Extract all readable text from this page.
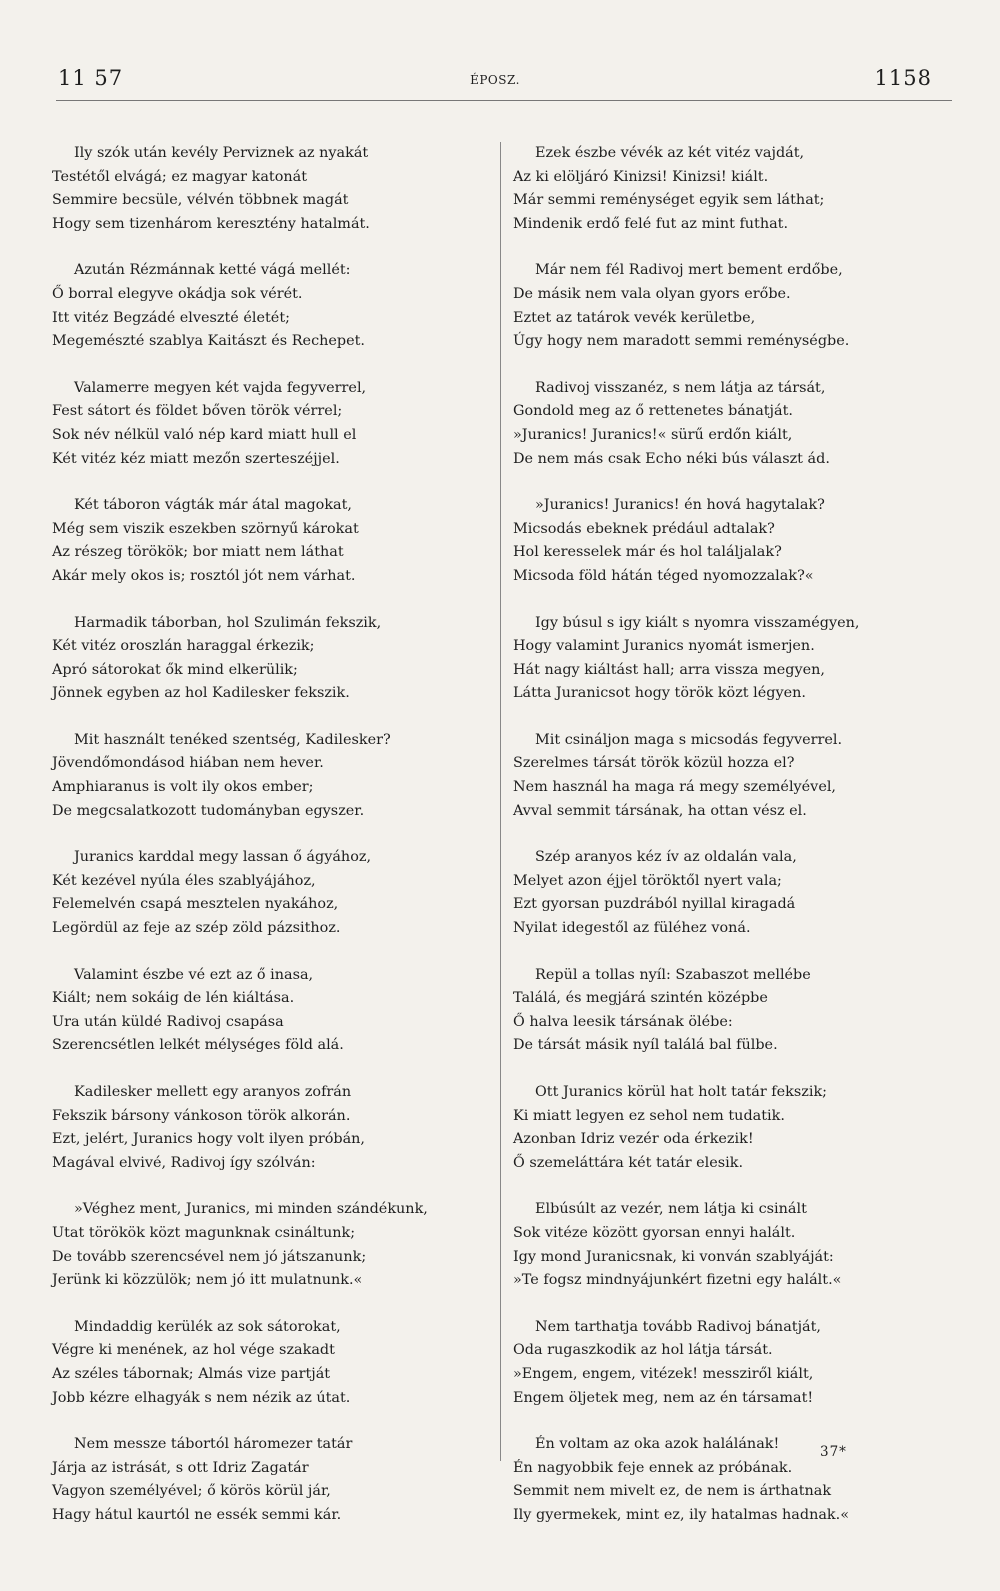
11 57	ÉPOSZ.	1158
Ily szók után kevély Perviznek az nyakát
Testétől elvágá; ez magyar katonát
Semmire becsüle, vélvén többnek magát
Hogy sem tizenhárom keresztény hatalmát.
Azután Rézmánnak ketté vágá mellét:
Ő borral elegyve okádja sok vérét.
Itt vitéz Begzádé elveszté életét;
Megemészté szablya Kaitászt és Rechepet.
Valamerre megyen két vajda fegyverrel,
Fest sátort és földet bőven török vérrel;
Sok név nélkül való nép kard miatt hull el
Két vitéz kéz miatt mezőn szerteszéjjel.
Két táboron vágták már átal magokat,
Még sem viszik eszekben szörnyű károkat
Az részeg törökök; bor miatt nem láthat
Akár mely okos is; rosztól jót nem várhat.
Harmadik táborban, hol Szulimán fekszik,
Két vitéz oroszlán haraggal érkezik;
Apró sátorokat ők mind elkerülik;
Jönnek egyben az hol Kadilesker fekszik.
Mit használt tenéked szentség, Kadilesker?
Jövendőmondásod hiában nem hever.
Amphiaranus is volt ily okos ember;
De megcsalatkozott tudományban egyszer.
Juranics karddal megy lassan ő ágyához,
Két kezével nyúla éles szablyájához,
Felemelvén csapá mesztelen nyakához,
Legördül az feje az szép zöld pázsithoz.
Valamint észbe vé ezt az ő inasa,
Kiált; nem sokáig de lén kiáltása.
Ura után küldé Radivoj csapása
Szerencsétlen lelkét mélységes föld alá.
Kadilesker mellett egy aranyos zofrán
Fekszik bársony vánkoson török alkorán.
Ezt, jelért, Juranics hogy volt ilyen próbán,
Magával elvivé, Radivoj így szólván:
»Véghez ment, Juranics, mi minden szándékunk,
Utat törökök közt magunknak csináltunk;
De tovább szerencsével nem jó játszanunk;
Jerünk ki közzülök; nem jó itt mulatnunk.«
Mindaddig kerülék az sok sátorokat,
Végre ki menének, az hol vége szakadt
Az széles tábornak; Almás vize partját
Jobb kézre elhagyák s nem nézik az útat.
Nem messze tábortól háromezer tatár
Járja az istrását, s ott Idriz Zagatár
Vagyon személyével; ő körös körül jár,
Hagy hátul kaurtól ne essék semmi kár.
Ezek észbe vévék az két vitéz vajdát,
Az ki elöljáró Kinizsi! Kinizsi! kiált.
Már semmi reménységet egyik sem láthat;
Mindenik erdő felé fut az mint futhat.
Már nem fél Radivoj mert bement erdőbe,
De másik nem vala olyan gyors erőbe.
Eztet az tatárok vevék kerületbe,
Úgy hogy nem maradott semmi reménységbe.
Radivoj visszanéz, s nem látja az társát,
Gondold meg az ő rettenetes bánatját.
»Juranics! Juranics!« sürű erdőn kiált,
De nem más csak Echo néki bús választ ád.
»Juranics! Juranics! én hová hagytalak?
Micsodás ebeknek prédául adtalak?
Hol keresselek már és hol találjalak?
Micsoda föld hátán téged nyomozzalak?«
Igy búsul s igy kiált s nyomra visszamégyen,
Hogy valamint Juranics nyomát ismerjen.
Hát nagy kiáltást hall; arra vissza megyen,
Látta Juranicsot hogy török közt légyen.
Mit csináljon maga s micsodás fegyverrel.
Szerelmes társát török közül hozza el?
Nem használ ha maga rá megy személyével,
Avval semmit társának, ha ottan vész el.
Szép aranyos kéz ív az oldalán vala,
Melyet azon éjjel töröktől nyert vala;
Ezt gyorsan puzdrából nyillal kiragadá
Nyilat idegestől az füléhez voná.
Repül a tollas nyíl: Szabaszot mellébe
Találá, és megjárá szintén középbe
Ő halva leesik társának ölébe:
De társát másik nyíl találá bal fülbe.
Ott Juranics körül hat holt tatár fekszik;
Ki miatt legyen ez sehol nem tudatik.
Azonban Idriz vezér oda érkezik!
Ő szemeláttára két tatár elesik.
Elbúsúlt az vezér, nem látja ki csinált
Sok vitéze között gyorsan ennyi halált.
Igy mond Juranicsnak, ki vonván szablyáját:
»Te fogsz mindnyájunkért fizetni egy halált.«
Nem tarthatja tovább Radivoj bánatját,
Oda rugaszkodik az hol látja társát.
»Engem, engem, vitézek! messziről kiált,
Engem öljetek meg, nem az én társamat!
Én voltam az oka azok halálának!
Én nagyobbik feje ennek az próbának.
Semmit nem mivelt ez, de nem is árthatnak
Ily gyermekek, mint ez, ily hatalmas hadnak.«
37*
